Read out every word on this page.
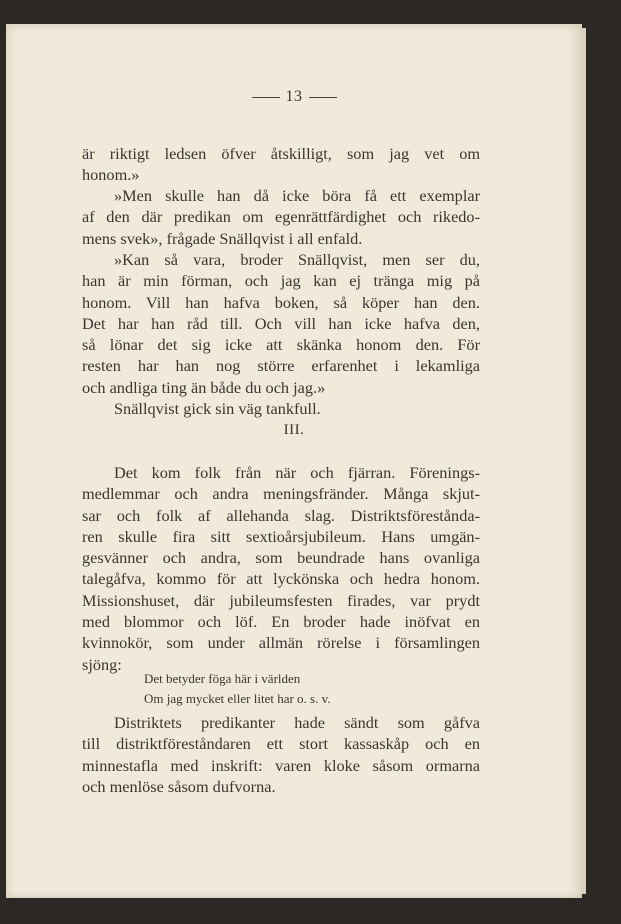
13
är riktigt ledsen öfver åtskilligt, som jag vet om
honom.»
»Men skulle han då icke böra få ett exemplar
af den där predikan om egenrättfärdighet och rikedo-
mens svek», frågade Snällqvist i all enfald.
»Kan så vara, broder Snällqvist, men ser du,
han är min förman, och jag kan ej tränga mig på
honom. Vill han hafva boken, så köper han den.
Det har han råd till. Och vill han icke hafva den,
så lönar det sig icke att skänka honom den. För
resten har han nog större erfarenhet i lekamliga
och andliga ting än både du och jag.»
Snällqvist gick sin väg tankfull.
III.
Det kom folk från när och fjärran. Förenings-
medlemmar och andra meningsfränder. Många skjut-
sar och folk af allehanda slag. Distriktsförestånda-
ren skulle fira sitt sextioårsjubileum. Hans umgän-
gesvänner och andra, som beundrade hans ovanliga
talegåfva, kommo för att lyckönska och hedra honom.
Missionshuset, där jubileumsfesten firades, var prydt
med blommor och löf. En broder hade inöfvat en
kvinnokör, som under allmän rörelse i församlingen
sjöng:
Det betyder föga här i världen
Om jag mycket eller litet har o. s. v.
Distriktets predikanter hade sändt som gåfva
till distriktföreståndaren ett stort kassaskåp och en
minnestafla med inskrift: varen kloke såsom ormarna
och menlöse såsom dufvorna.
